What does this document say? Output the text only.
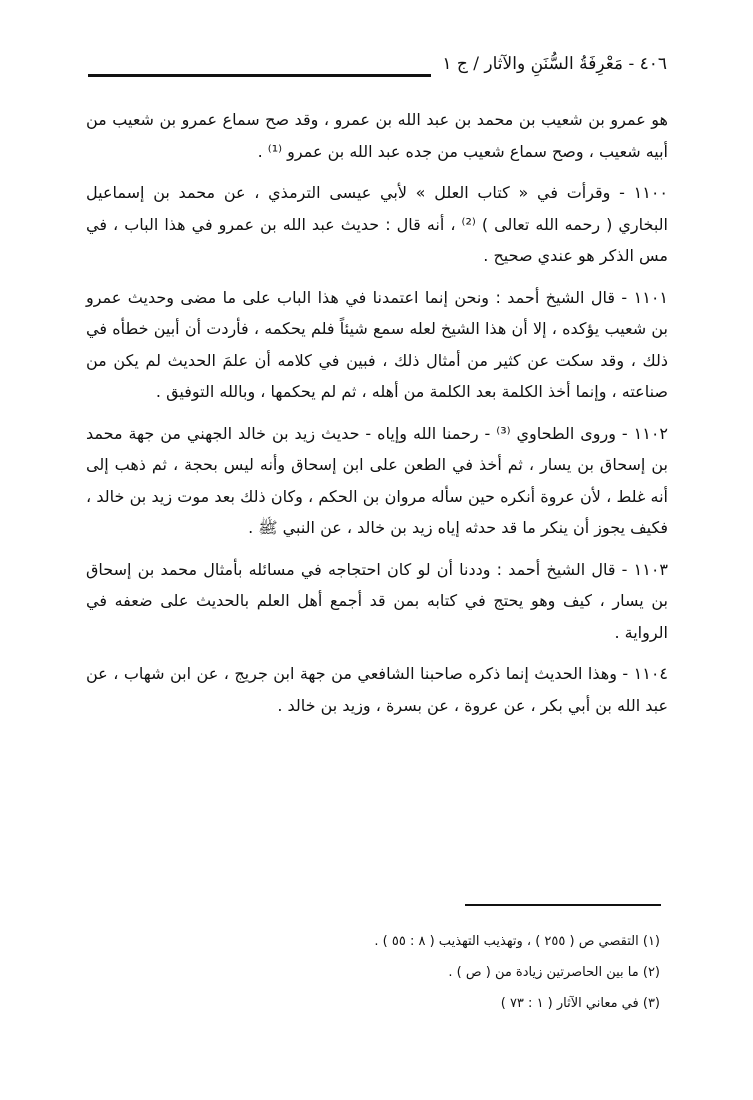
٤٠٦ - مَعْرِفَةُ السُّنَنِ والآثار / ج ١

هو عمرو بن شعيب بن محمد بن عبد الله بن عمرو ، وقد صح سماع عمرو بن شعيب من أبيه شعيب ، وصح سماع شعيب من جده عبد الله بن عمرو ⁽¹⁾ .

١١٠٠ - وقرأت في « كتاب العلل » لأبي عيسى الترمذي ، عن محمد بن إسماعيل البخاري ( رحمه الله تعالى ) ⁽²⁾ ، أنه قال : حديث عبد الله بن عمرو في هذا الباب ، في مس الذكر هو عندي صحيح .

١١٠١ - قال الشيخ أحمد : ونحن إنما اعتمدنا في هذا الباب على ما مضى وحديث عمرو بن شعيب يؤكده ، إلا أن هذا الشيخ لعله سمع شيئاً فلم يحكمه ، فأردت أن أبين خطأه في ذلك ، وقد سكت عن كثير من أمثال ذلك ، فبين في كلامه أن علمَ الحديث لم يكن من صناعته ، وإنما أخذ الكلمة بعد الكلمة من أهله ، ثم لم يحكمها ، وبالله التوفيق .

١١٠٢ - وروى الطحاوي ⁽³⁾ - رحمنا الله وإياه - حديث زيد بن خالد الجهني من جهة محمد بن إسحاق بن يسار ، ثم أخذ في الطعن على ابن إسحاق وأنه ليس بحجة ، ثم ذهب إلى أنه غلط ، لأن عروة أنكره حين سأله مروان بن الحكم ، وكان ذلك بعد موت زيد بن خالد ، فكيف يجوز أن ينكر ما قد حدثه إياه زيد بن خالد ، عن النبي ﷺ .

١١٠٣ - قال الشيخ أحمد : وددنا أن لو كان احتجاجه في مسائله بأمثال محمد بن إسحاق بن يسار ، كيف وهو يحتج في كتابه بمن قد أجمع أهل العلم بالحديث على ضعفه في الرواية .

١١٠٤ - وهذا الحديث إنما ذكره صاحبنا الشافعي من جهة ابن جريج ، عن ابن شهاب ، عن عبد الله بن أبي بكر ، عن عروة ، عن بسرة ، وزيد بن خالد .

(١) التقصي ص ( ٢٥٥ ) ، وتهذيب التهذيب ( ٨ : ٥٥ ) .

(٢) ما بين الحاصرتين زيادة من ( ص ) .

(٣) في معاني الآثار ( ١ : ٧٣ )
